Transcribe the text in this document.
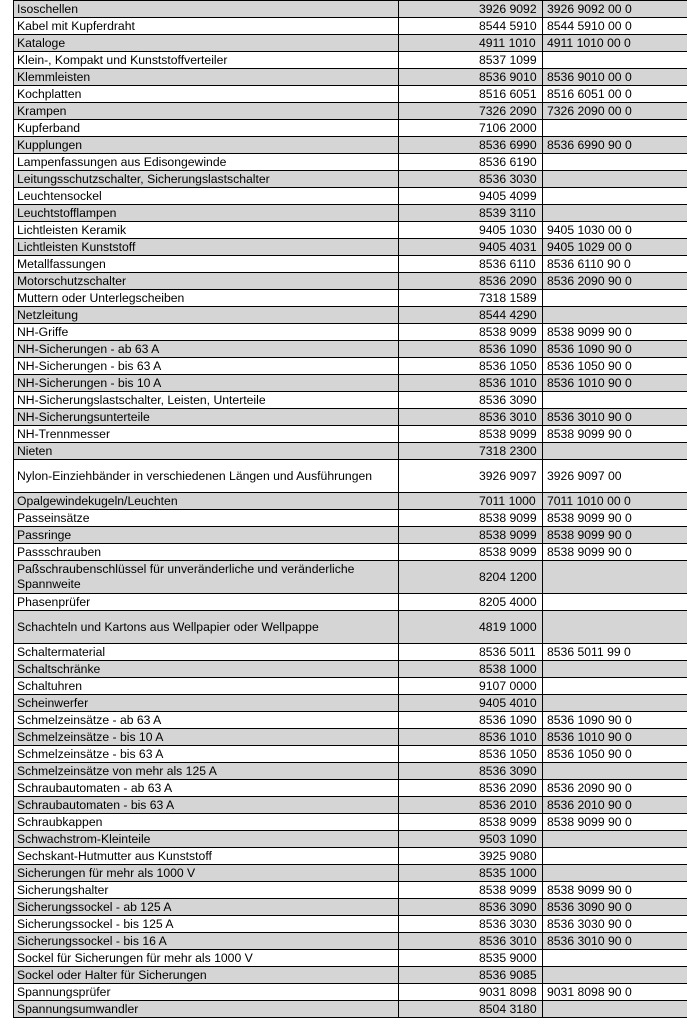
Isoschellen	3926 9092	3926 9092 00 0
Kabel mit Kupferdraht	8544 5910	8544 5910 00 0
Kataloge	4911 1010	4911 1010 00 0
Klein-, Kompakt und Kunststoffverteiler	8537 1099	
Klemmleisten	8536 9010	8536 9010 00 0
Kochplatten	8516 6051	8516 6051 00 0
Krampen	7326 2090	7326 2090 00 0
Kupferband	7106 2000	
Kupplungen	8536 6990	8536 6990 90 0
Lampenfassungen aus Edisongewinde	8536 6190	
Leitungsschutzschalter, Sicherungslastschalter	8536 3030	
Leuchtensockel	9405 4099	
Leuchtstofflampen	8539 3110	
Lichtleisten Keramik	9405 1030	9405 1030 00 0
Lichtleisten Kunststoff	9405 4031	9405 1029 00 0
Metallfassungen	8536 6110	8536 6110 90 0
Motorschutzschalter	8536 2090	8536 2090 90 0
Muttern oder Unterlegscheiben	7318 1589	
Netzleitung	8544 4290	
NH-Griffe	8538 9099	8538 9099 90 0
NH-Sicherungen - ab 63 A	8536 1090	8536 1090 90 0
NH-Sicherungen - bis 63 A	8536 1050	8536 1050 90 0
NH-Sicherungen - bis 10 A	8536 1010	8536 1010 90 0
NH-Sicherungslastschalter, Leisten, Unterteile	8536 3090	
NH-Sicherungsunterteile	8536 3010	8536 3010 90 0
NH-Trennmesser	8538 9099	8538 9099 90 0
Nieten	7318 2300	
Nylon-Einziehbänder in verschiedenen Längen und Ausführungen	3926 9097	3926 9097 00
Opalgewindekugeln/Leuchten	7011 1000	7011 1010 00 0
Passeinsätze	8538 9099	8538 9099 90 0
Passringe	8538 9099	8538 9099 90 0
Passschrauben	8538 9099	8538 9099 90 0
Paßschraubenschlüssel für unveränderliche und veränderliche Spannweite	8204 1200	
Phasenprüfer	8205 4000	
Schachteln und Kartons aus Wellpapier oder Wellpappe	4819 1000	
Schaltermaterial	8536 5011	8536 5011 99 0
Schaltschränke	8538 1000	
Schaltuhren	9107 0000	
Scheinwerfer	9405 4010	
Schmelzeinsätze - ab 63 A	8536 1090	8536 1090 90 0
Schmelzeinsätze - bis 10 A	8536 1010	8536 1010 90 0
Schmelzeinsätze - bis 63 A	8536 1050	8536 1050 90 0
Schmelzeinsätze von mehr als 125 A	8536 3090	
Schraubautomaten - ab 63 A	8536 2090	8536 2090 90 0
Schraubautomaten - bis 63 A	8536 2010	8536 2010 90 0
Schraubkappen	8538 9099	8538 9099 90 0
Schwachstrom-Kleinteile	9503 1090	
Sechskant-Hutmutter aus Kunststoff	3925 9080	
Sicherungen für mehr als 1000 V	8535 1000	
Sicherungshalter	8538 9099	8538 9099 90 0
Sicherungssockel - ab 125 A	8536 3090	8536 3090 90 0
Sicherungssockel - bis 125 A	8536 3030	8536 3030 90 0
Sicherungssockel - bis 16 A	8536 3010	8536 3010 90 0
Sockel für Sicherungen für mehr als 1000 V	8535 9000	
Sockel oder Halter für Sicherungen	8536 9085	
Spannungsprüfer	9031 8098	9031 8098 90 0
Spannungsumwandler	8504 3180	
